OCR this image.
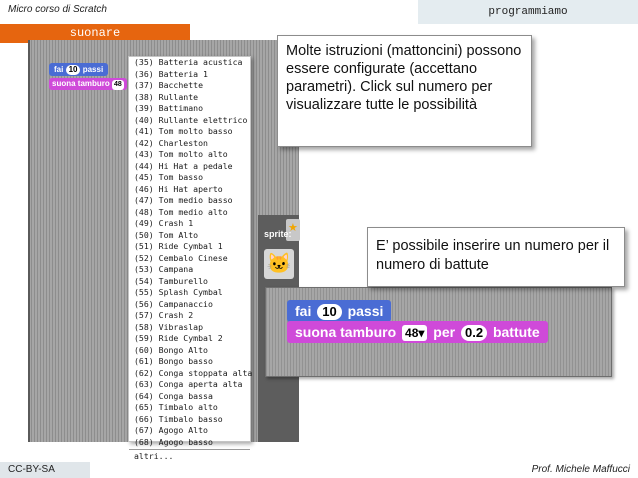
Micro corso di Scratch	programmiamo
suonare
★
sprite:
🐱
fai 10 passi
suona tamburo 48
(35) Batteria acustica
(36) Batteria 1
(37) Bacchette
(38) Rullante
(39) Battimano
(40) Rullante elettrico
(41) Tom molto basso
(42) Charleston
(43) Tom molto alto
(44) Hi Hat a pedale
(45) Tom basso
(46) Hi Hat aperto
(47) Tom medio basso
(48) Tom medio alto
(49) Crash 1
(50) Tom Alto
(51) Ride Cymbal 1
(52) Cembalo Cinese
(53) Campana
(54) Tamburello
(55) Splash Cymbal
(56) Campanaccio
(57) Crash 2
(58) Vibraslap
(59) Ride Cymbal 2
(60) Bongo Alto
(61) Bongo basso
(62) Conga stoppata alta
(63) Conga aperta alta
(64) Conga bassa
(65) Timbalo alto
(66) Timbalo basso
(67) Agogo Alto
(68) Agogo basso
altri...
Molte istruzioni (mattoncini) possono essere configurate (accettano parametri). Click sul numero per visualizzare tutte le possibilità
fai 10 passi
suona tamburo 48▾ per 0.2 battute
E’ possibile inserire un numero per il numero di battute
CC-BY-SA	Prof. Michele Maffucci
